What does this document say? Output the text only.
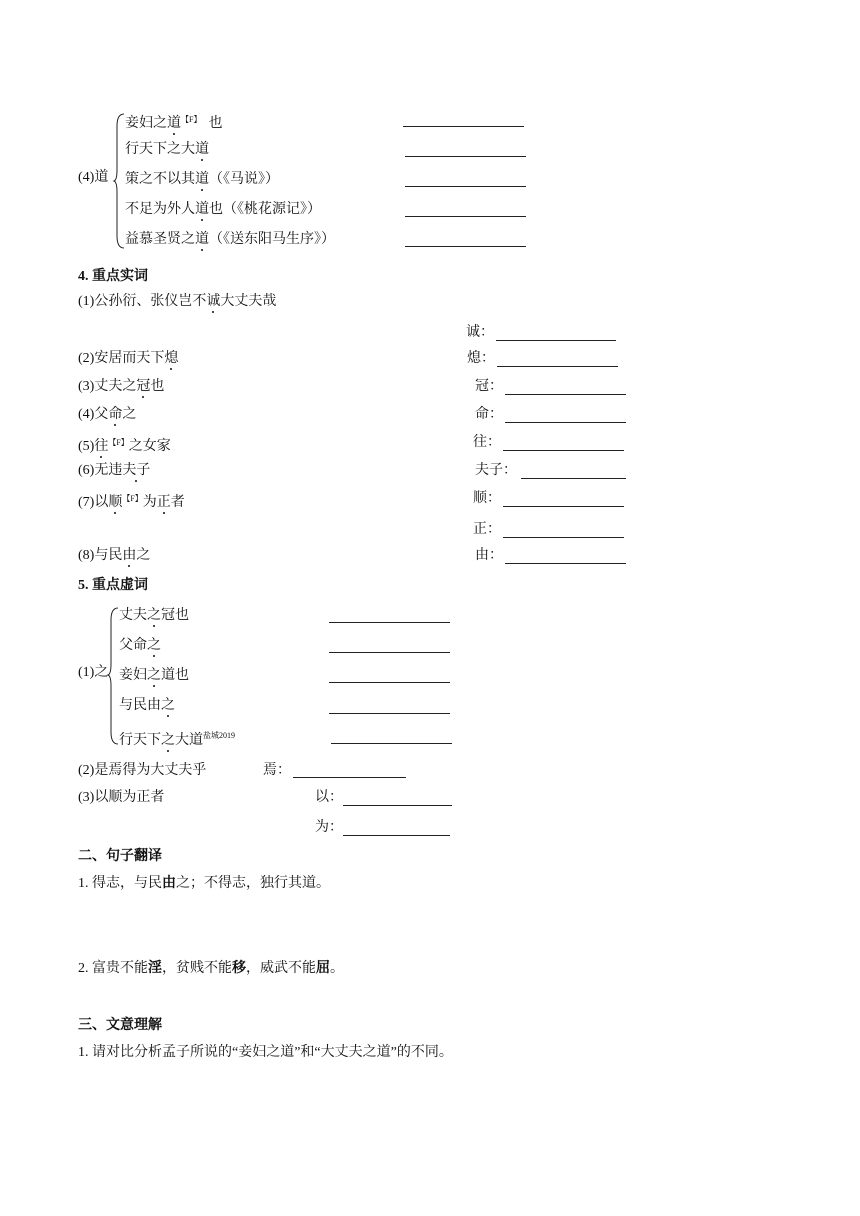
(4)道
妾妇之道$^{【F】}$ 也
行天下之大道
策之不以其道（《马说》）
不足为外人道也（《桃花源记》）
益慕圣贤之道（《送东阳马生序》）
4. 重点实词
(1)公孙衍、张仪岂不诚大丈夫哉
诚：
(2)安居而天下熄	熄：
(3)丈夫之冠也	冠：
(4)父命之	命：
(5)往$^{【F】}$之女家	往：
(6)无违夫子	夫子：
(7)以顺$^{【F】}$为正者	顺：
正：
(8)与民由之	由：
5. 重点虚词
(1)之
丈夫之冠也
父命之
妾妇之道也
与民由之
行天下之大道$^{盐城2019}$
(2)是焉得为大丈夫乎	焉：
(3)以顺为正者	以：
为：
二、句子翻译
1. 得志，与民由之；不得志，独行其道。
2. 富贵不能淫，贫贱不能移，威武不能屈。
三、文意理解
1. 请对比分析孟子所说的“妾妇之道”和“大丈夫之道”的不同。
